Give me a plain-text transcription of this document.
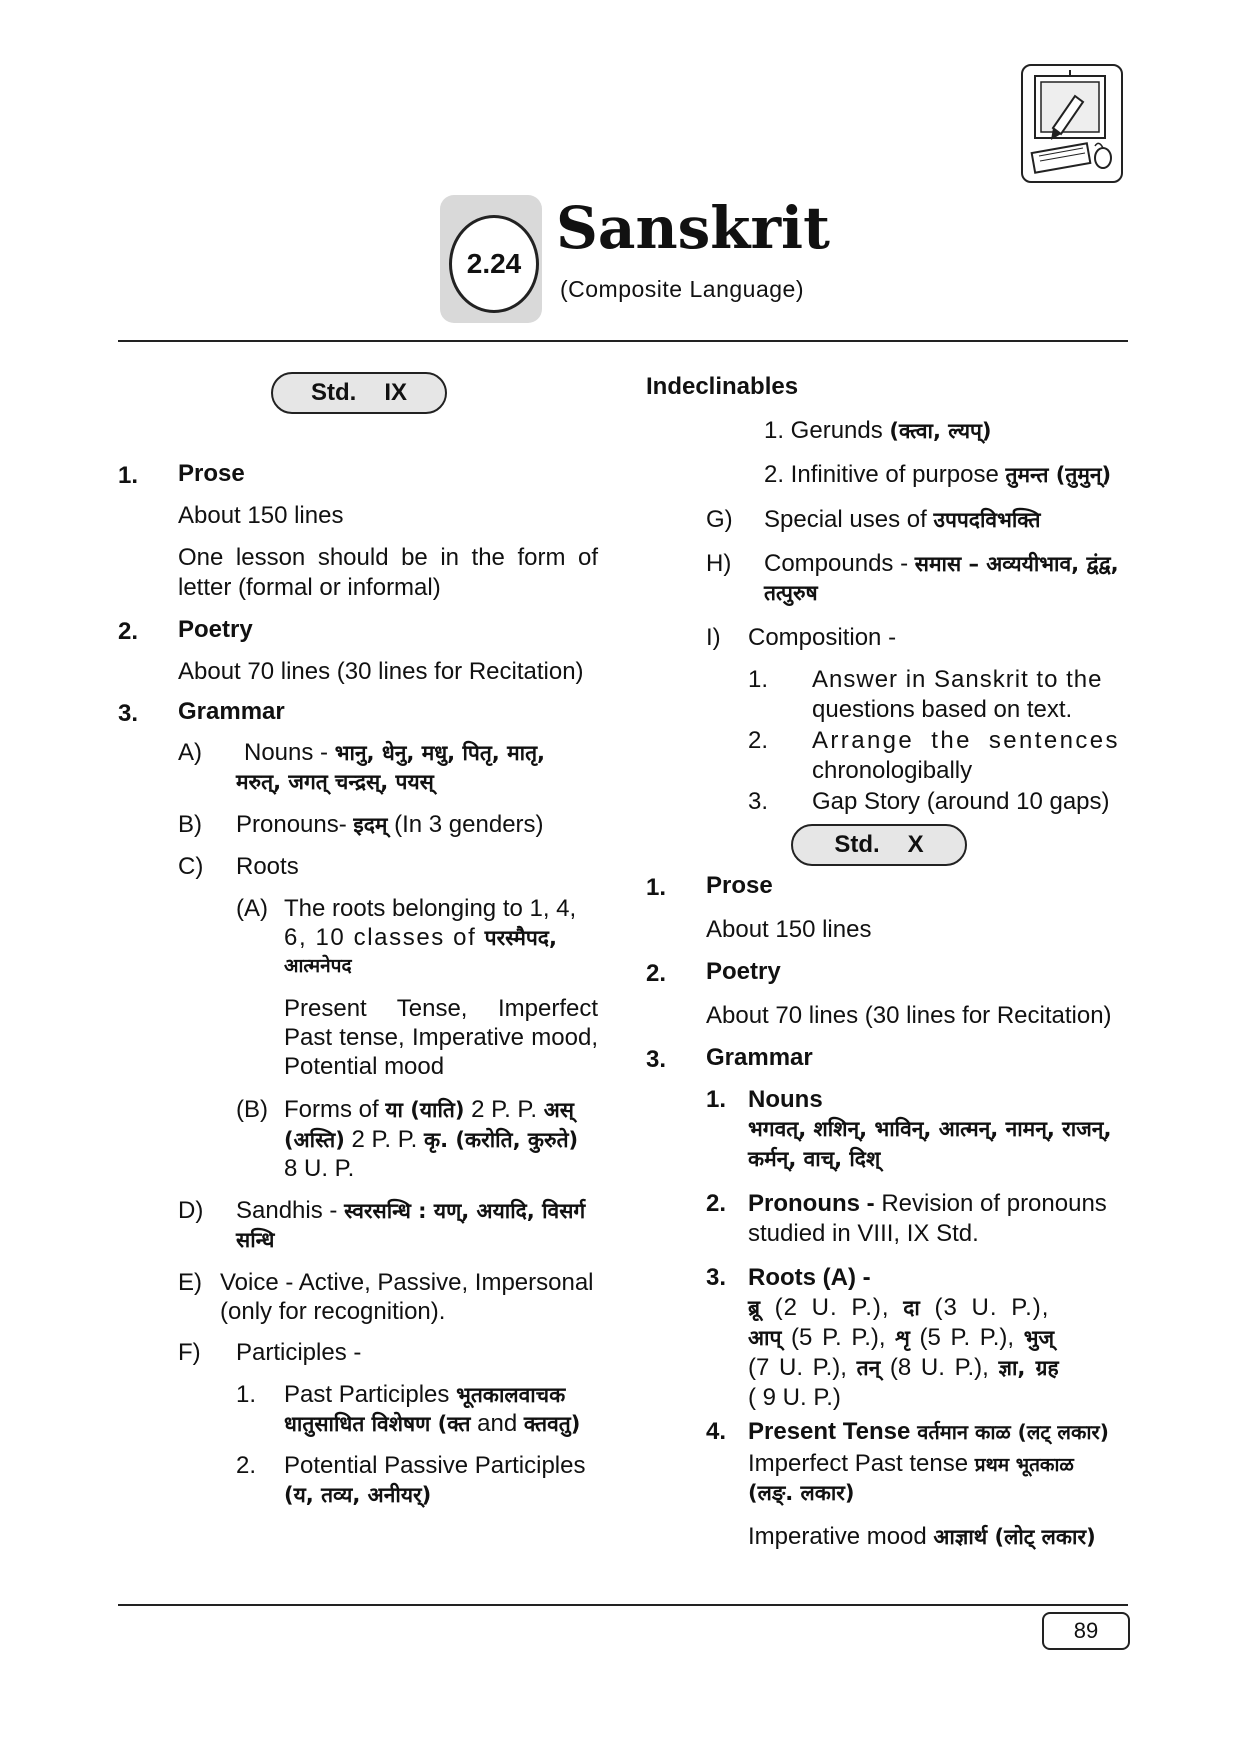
2.24
Sanskrit
(Composite Language)
Std. IX
1. Prose
About 150 lines
One lesson should be in the form of letter (formal or informal)
2. Poetry
About 70 lines (30 lines for Recitation)
3. Grammar
A) Nouns - भानु, धेनु, मधु, पितृ, मातृ,
मरुत्, जगत् चन्द्रस्, पयस्
B) Pronouns- इदम् (In 3 genders)
C) Roots
(A) The roots belonging to 1, 4,
6, 10 classes of परस्मैपद,
आत्मनेपद
Present Tense, Imperfect Past tense, Imperative mood, Potential mood
(B) Forms of या (याति) 2 P. P. अस्
(अस्ति) 2 P. P. कृ. (करोति, कुरुते)
8 U. P.
D) Sandhis - स्वरसन्धि : यण्, अयादि, विसर्ग
सन्धि
E) Voice - Active, Passive, Impersonal
(only for recognition).
F) Participles -
1. Past Participles भूतकालवाचक
धातुसाधित विशेषण (क्त and क्तवतु)
2. Potential Passive Participles
(य, तव्य, अनीयर्)
Indeclinables
1. Gerunds (क्त्वा, ल्यप्)
2. Infinitive of purpose तुमन्त (तुमुन्)
G) Special uses of उपपदविभक्ति
H) Compounds - समास – अव्ययीभाव, द्वंद्व,
तत्पुरुष
I) Composition -
1. Answer in Sanskrit to the
questions based on text.
2. Arrange the sentences
chronologibally
3. Gap Story (around 10 gaps)
Std. X
1. Prose
About 150 lines
2. Poetry
About 70 lines (30 lines for Recitation)
3. Grammar
1. Nouns
भगवत्, शशिन्, भाविन्, आत्मन्, नामन्, राजन्,
कर्मन्, वाच्, दिश्
2. Pronouns - Revision of pronouns
studied in VIII, IX Std.
3. Roots (A) -
ब्रू (2 U. P.), दा (3 U. P.),
आप् (5 P. P.), शृ (5 P. P.), भुज्
(7 U. P.), तन् (8 U. P.), ज्ञा, ग्रह
( 9 U. P.)
4. Present Tense वर्तमान काळ (लट् लकार)
Imperfect Past tense प्रथम भूतकाळ
(लङ्. लकार)
Imperative mood आज्ञार्थ (लोट् लकार)
89
